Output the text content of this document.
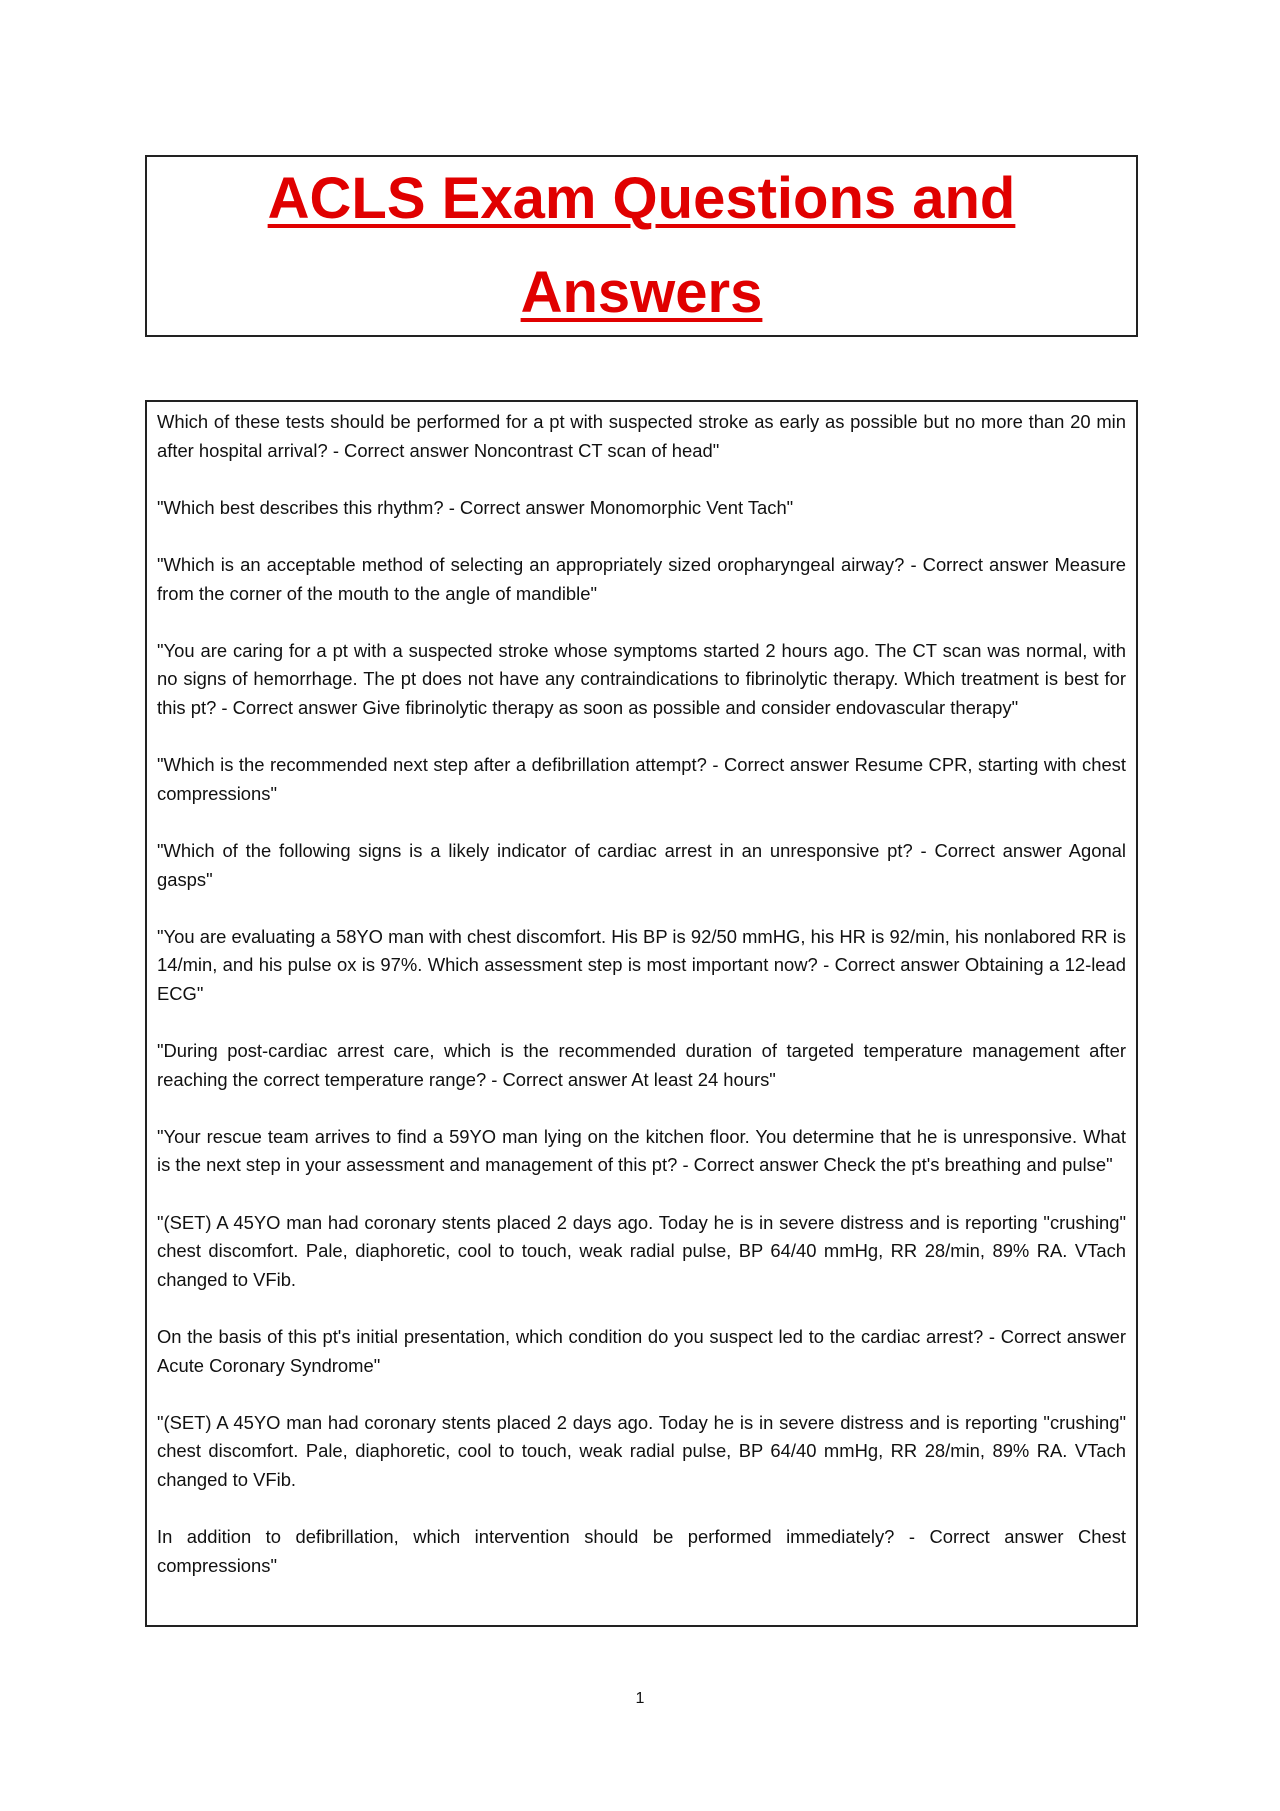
ACLS Exam Questions and Answers

Which of these tests should be performed for a pt with suspected stroke as early as possible but no more than 20 min after hospital arrival? - Correct answer Noncontrast CT scan of head"

"Which best describes this rhythm? - Correct answer Monomorphic Vent Tach"

"Which is an acceptable method of selecting an appropriately sized oropharyngeal airway? - Correct answer Measure from the corner of the mouth to the angle of mandible"

"You are caring for a pt with a suspected stroke whose symptoms started 2 hours ago. The CT scan was normal, with no signs of hemorrhage. The pt does not have any contraindications to fibrinolytic therapy. Which treatment is best for this pt? - Correct answer Give fibrinolytic therapy as soon as possible and consider endovascular therapy"

"Which is the recommended next step after a defibrillation attempt? - Correct answer Resume CPR, starting with chest compressions"

"Which of the following signs is a likely indicator of cardiac arrest in an unresponsive pt? - Correct answer Agonal gasps"

"You are evaluating a 58YO man with chest discomfort. His BP is 92/50 mmHG, his HR is 92/min, his nonlabored RR is 14/min, and his pulse ox is 97%. Which assessment step is most important now? - Correct answer Obtaining a 12-lead ECG"

"During post-cardiac arrest care, which is the recommended duration of targeted temperature management after reaching the correct temperature range? - Correct answer At least 24 hours"

"Your rescue team arrives to find a 59YO man lying on the kitchen floor. You determine that he is unresponsive. What is the next step in your assessment and management of this pt? - Correct answer Check the pt's breathing and pulse"

"(SET) A 45YO man had coronary stents placed 2 days ago. Today he is in severe distress and is reporting "crushing" chest discomfort. Pale, diaphoretic, cool to touch, weak radial pulse, BP 64/40 mmHg, RR 28/min, 89% RA. VTach changed to VFib.

On the basis of this pt's initial presentation, which condition do you suspect led to the cardiac arrest? - Correct answer Acute Coronary Syndrome"

"(SET) A 45YO man had coronary stents placed 2 days ago. Today he is in severe distress and is reporting "crushing" chest discomfort. Pale, diaphoretic, cool to touch, weak radial pulse, BP 64/40 mmHg, RR 28/min, 89% RA. VTach changed to VFib.

In addition to defibrillation, which intervention should be performed immediately? - Correct answer Chest compressions"

1
